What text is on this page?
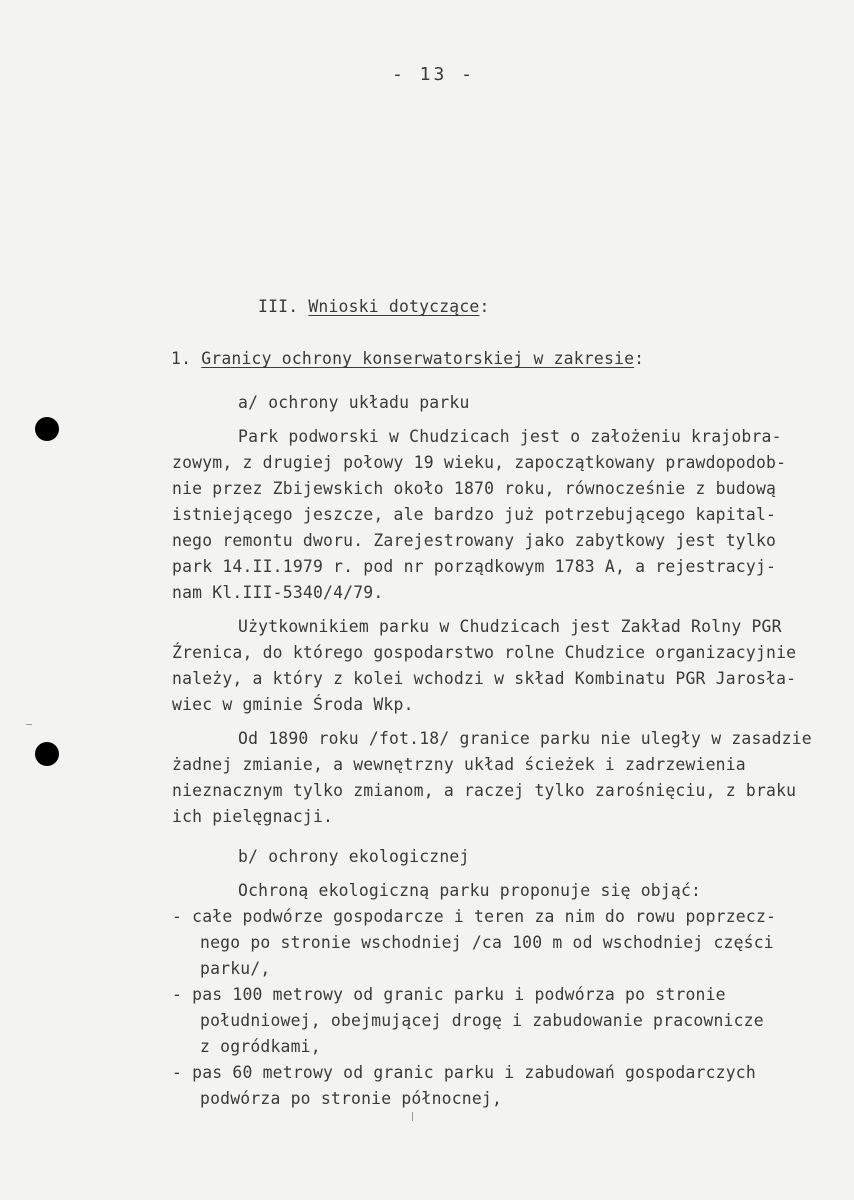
- 13 -
III. Wnioski dotyczące:
1. Granicy ochrony konserwatorskiej w zakresie:
a/ ochrony układu parku
Park podworski w Chudzicach jest o założeniu krajobra-
zowym, z drugiej połowy 19 wieku, zapoczątkowany prawdopodob-
nie przez Zbijewskich około 1870 roku, równocześnie z budową
istniejącego jeszcze, ale bardzo już potrzebującego kapital-
nego remontu dworu. Zarejestrowany jako zabytkowy jest tylko
park 14.II.1979 r. pod nr porządkowym 1783 A, a rejestracyj-
nam Kl.III-5340/4/79.
Użytkownikiem parku w Chudzicach jest Zakład Rolny PGR
Źrenica, do którego gospodarstwo rolne Chudzice organizacyjnie
należy, a który z kolei wchodzi w skład Kombinatu PGR Jarosła-
wiec w gminie Środa Wkp.
Od 1890 roku /fot.18/ granice parku nie uległy w zasadzie
żadnej zmianie, a wewnętrzny układ ścieżek i zadrzewienia
nieznacznym tylko zmianom, a raczej tylko zarośnięciu, z braku
ich pielęgnacji.
b/ ochrony ekologicznej
Ochroną ekologiczną parku proponuje się objąć:
- całe podwórze gospodarcze i teren za nim do rowu poprzecz-
nego po stronie wschodniej /ca 100 m od wschodniej części
parku/,
- pas 100 metrowy od granic parku i podwórza po stronie
południowej, obejmującej drogę i zabudowanie pracownicze
z ogródkami,
- pas 60 metrowy od granic parku i zabudowań gospodarczych
podwórza po stronie północnej,
